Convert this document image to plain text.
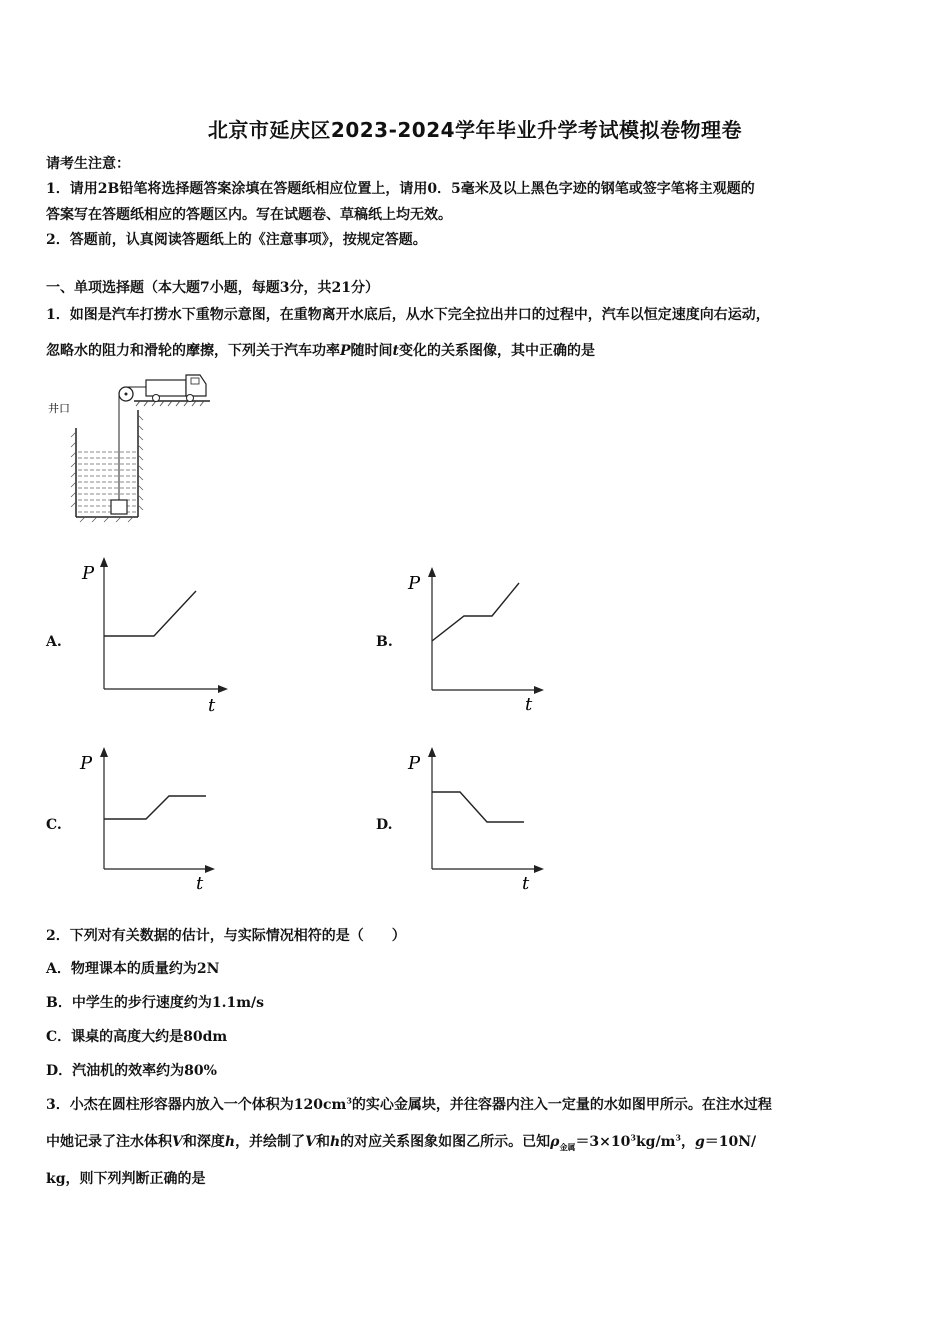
北京市延庆区2023-2024学年毕业升学考试模拟卷物理卷
请考生注意：
1．请用2B铅笔将选择题答案涂填在答题纸相应位置上，请用0．5毫米及以上黑色字迹的钢笔或签字笔将主观题的
答案写在答题纸相应的答题区内。写在试题卷、草稿纸上均无效。
2．答题前，认真阅读答题纸上的《注意事项》，按规定答题。
一、单项选择题（本大题7小题，每题3分，共21分）
1．如图是汽车打捞水下重物示意图，在重物离开水底后，从水下完全拉出井口的过程中，汽车以恒定速度向右运动，
忽略水的阻力和滑轮的摩擦，下列关于汽车功率P随时间t变化的关系图像，其中正确的是
井口
A.
P
t
B.
P
t
C.
P
t
D.
P
t
2．下列对有关数据的估计，与实际情况相符的是（　　）
A．物理课本的质量约为2N
B．中学生的步行速度约为1.1m/s
C．课桌的高度大约是80dm
D．汽油机的效率约为80%
3．小杰在圆柱形容器内放入一个体积为$120cm^3$的实心金属块，并往容器内注入一定量的水如图甲所示。在注水过程
中她记录了注水体积V和深度h，并绘制了V和h的对应关系图象如图乙所示。已知$\rho_{金属}=3\times 10^3kg/m^3$，g＝10N/
kg，则下列判断正确的是
